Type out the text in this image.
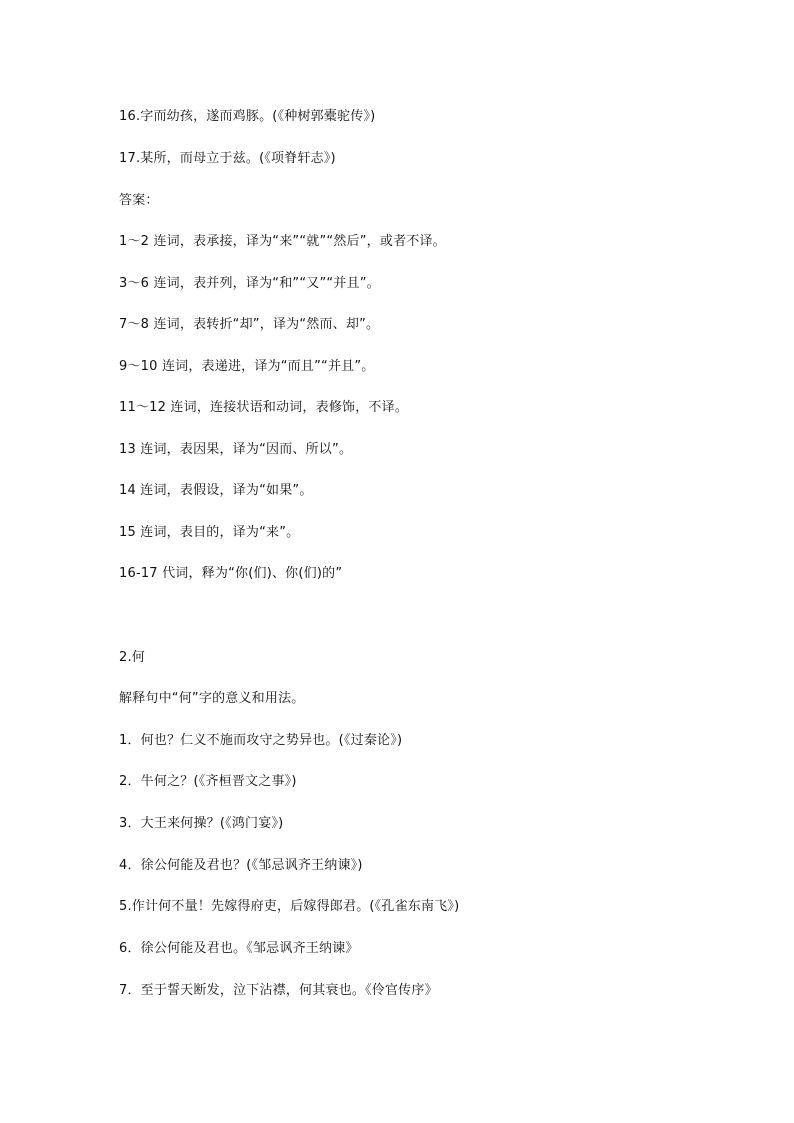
16.字而幼孩，遂而鸡豚。(《种树郭橐驼传》)
17.某所，而母立于兹。(《项脊轩志》)
答案：
1～2 连词，表承接，译为“来”“就”“然后”，或者不译。
3～6 连词，表并列，译为“和”“又”“并且”。
7～8 连词，表转折“却”，译为“然而、却”。
9～10 连词，表递进，译为“而且”“并且”。
11～12 连词，连接状语和动词，表修饰，不译。
13 连词，表因果，译为“因而、所以”。
14 连词，表假设，译为“如果”。
15 连词，表目的，译为“来”。
16-17 代词，释为“你(们)、你(们)的”
2.何
解释句中“何”字的意义和用法。
1．何也？仁义不施而攻守之势异也。(《过秦论》)
2．牛何之？(《齐桓晋文之事》)
3．大王来何操？(《鸿门宴》)
4．徐公何能及君也？(《邹忌讽齐王纳谏》)
5.作计何不量！先嫁得府吏，后嫁得郎君。(《孔雀东南飞》)
6．徐公何能及君也。《邹忌讽齐王纳谏》
7．至于誓天断发，泣下沾襟，何其衰也。《伶官传序》
